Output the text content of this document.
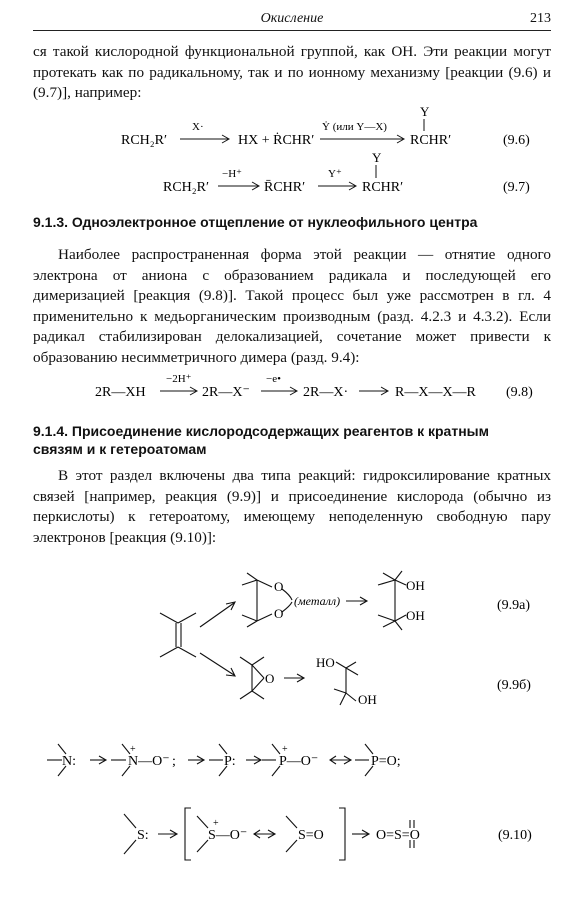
Окисление	213

ся такой кислородной функциональной группой, как ОН. Эти реакции могут протекать как по радикальному, так и по ионному механизму [реакции (9.6) и (9.7)], например:

RCH₂R′
X·
HX + ṘCHR′
Ẏ (или Y—X)
Y
RCHR′	(9.6)
RCH₂R′
−H⁺
R̄CHR′
Y⁺
Y
RCHR′	(9.7)

9.1.3. Одноэлектронное отщепление от нуклеофильного центра

Наиболее распространенная форма этой реакции — отнятие одного электрона от аниона с образованием радикала и последующей его димеризацией [реакция (9.8)]. Такой процесс был уже рассмотрен в гл. 4 применительно к медьорганическим производным (разд. 4.2.3 и 4.3.2). Если радикал стабилизирован делокализацией, сочетание может привести к образованию несимметричного димера (разд. 9.4):

2R—XH
−2H⁺
2R—X⁻
−e•
2R—X·	R—X—X—R (9.8)

9.1.4. Присоединение кислородсодержащих реагентов к кратным
связям и к гетероатомам

В этот раздел включены два типа реакций: гидроксилирование кратных связей [например, реакция (9.9)] и присоединение кислорода (обычно из перкислоты) к гетероатому, имеющему неподеленную свободную пару электронов [реакция (9.10)]:

O
O
(металл)
OH
OH
O
HO
OH
(9.9а)
(9.9б)
N:
+
N—O⁻ ;	P:
+
P—O⁻	P=O;
S:
+
S—O⁻	S=O	O=S=O	(9.10)
